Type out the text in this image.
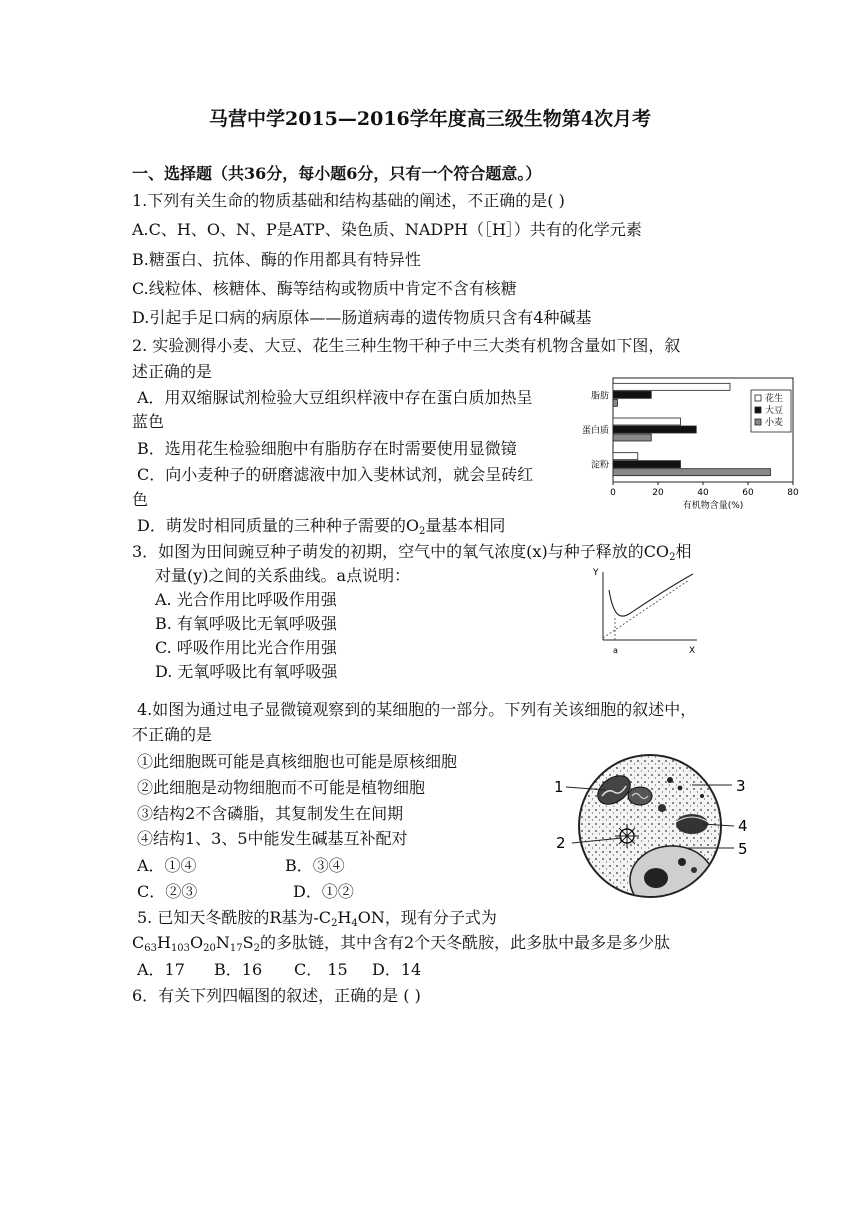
马营中学2015—2016学年度高三级生物第4次月考
一、选择题（共36分，每小题6分，只有一个符合题意。）
1.下列有关生命的物质基础和结构基础的阐述，不正确的是( )
A.C、H、O、N、P是ATP、染色质、NADPH（［H］）共有的化学元素
B.糖蛋白、抗体、酶的作用都具有特异性
C.线粒体、核糖体、酶等结构或物质中肯定不含有核糖
D.引起手足口病的病原体——肠道病毒的遗传物质只含有4种碱基
2. 实验测得小麦、大豆、花生三种生物干种子中三大类有机物含量如下图，叙
述正确的是
A．用双缩脲试剂检验大豆组织样液中存在蛋白质加热呈
蓝色
B．选用花生检验细胞中有脂肪存在时需要使用显微镜
C．向小麦种子的研磨滤液中加入斐林试剂，就会呈砖红
色
D．萌发时相同质量的三种种子需要的$O_2$量基本相同
脂肪
蛋白质
淀粉
0	20	40	60	80
有机物含量(%)
花生
大豆
小麦
3．如图为田间豌豆种子萌发的初期，空气中的氧气浓度(x)与种子释放的$CO_2$相
对量(y)之间的关系曲线。a点说明：
A. 光合作用比呼吸作用强
B. 有氧呼吸比无氧呼吸强
C. 呼吸作用比光合作用强
D. 无氧呼吸比有氧呼吸强
Y
X
a
4.如图为通过电子显微镜观察到的某细胞的一部分。下列有关该细胞的叙述中，
不正确的是
①此细胞既可能是真核细胞也可能是原核细胞
②此细胞是动物细胞而不可能是植物细胞
③结构2不含磷脂，其复制发生在间期
④结构1、3、5中能发生碱基互补配对
A．①④	B．③④
C．②③	D．①②
1
2
3
4
5
5. 已知天冬酰胺的R基为$-C_2H_4ON$，现有分子式为
$C_{63}H_{103}O_{20}N_{17}S_2$的多肽链，其中含有2个天冬酰胺，此多肽中最多是多少肽
A．17 B．16 C． 15 D．14
6．有关下列四幅图的叙述，正确的是 ( )
